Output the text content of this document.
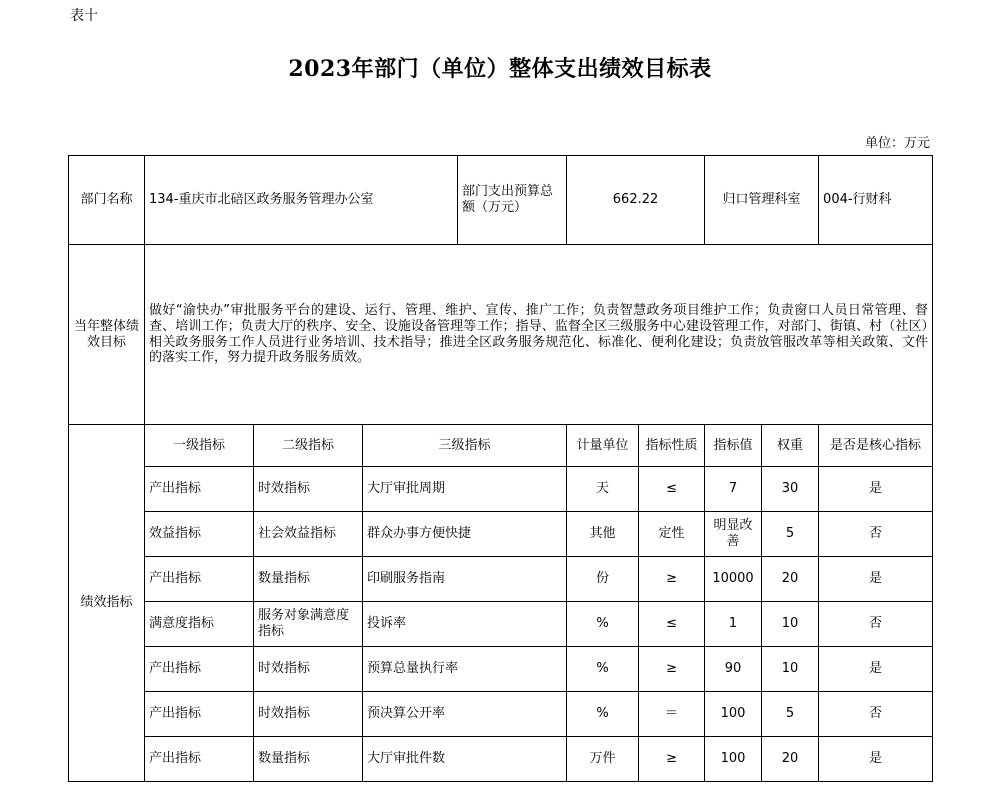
表十
2023年部门（单位）整体支出绩效目标表
单位：万元
部门名称	134-重庆市北碚区政务服务管理办公室			部门支出预算总额（万元）	662.22		归口管理科室		004-行财科
当年整体绩效目标	做好“渝快办”审批服务平台的建设、运行、管理、维护、宣传、推广工作；负责智慧政务项目维护工作；负责窗口人员日常管理、督查、培训工作；负责大厅的秩序、安全、设施设备管理等工作；指导、监督全区三级服务中心建设管理工作，对部门、街镇、村（社区）相关政务服务工作人员进行业务培训、技术指导；推进全区政务服务规范化、标准化、便利化建设；负责放管服改革等相关政策、文件的落实工作，努力提升政务服务质效。								
绩效指标	一级指标	二级指标	三级指标		计量单位	指标性质	指标值	权重	是否是核心指标
	产出指标	时效指标	大厅审批周期		天	≤	7	30	是
	效益指标	社会效益指标	群众办事方便快捷		其他	定性	明显改善	5	否
	产出指标	数量指标	印刷服务指南		份	≥	10000	20	是
	满意度指标	服务对象满意度指标	投诉率		%	≤	1	10	否
	产出指标	时效指标	预算总量执行率		%	≥	90	10	是
	产出指标	时效指标	预决算公开率		%	＝	100	5	否
	产出指标	数量指标	大厅审批件数		万件	≥	100	20	是
